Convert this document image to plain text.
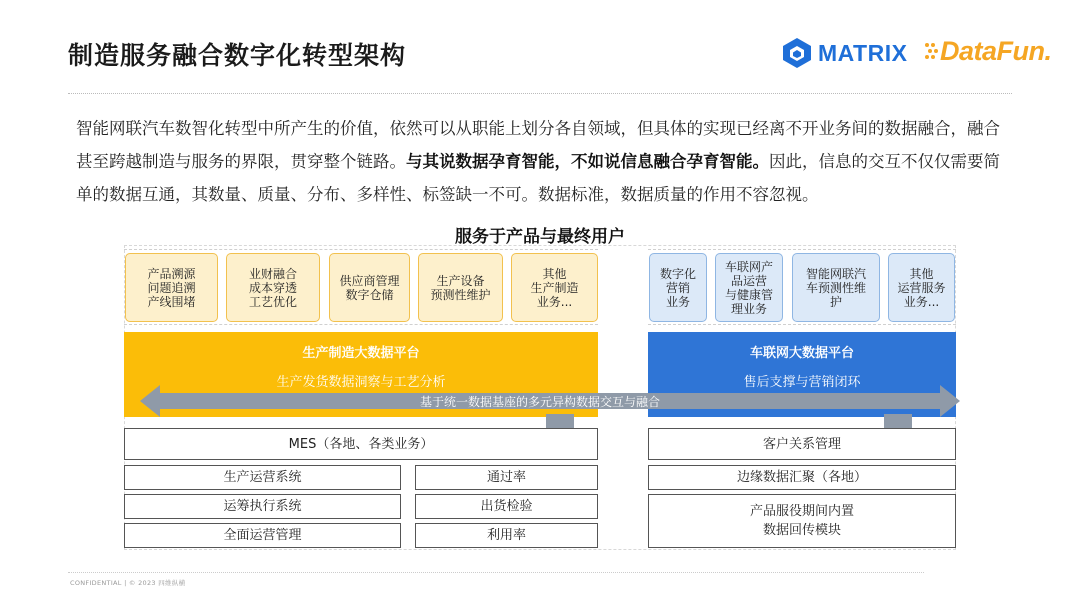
制造服务融合数字化转型架构	MATRIX DataFun.
智能网联汽车数智化转型中所产生的价值，依然可以从职能上划分各自领域，但具体的实现已经离不开业务间的数据融合，融合甚至跨越制造与服务的界限，贯穿整个链路。与其说数据孕育智能，不如说信息融合孕育智能。因此，信息的交互不仅仅需要简单的数据互通，其数量、质量、分布、多样性、标签缺一不可。数据标准，数据质量的作用不容忽视。
服务于产品与最终用户
产品溯源
问题追溯
产线围堵
业财融合
成本穿透
工艺优化
供应商管理
数字仓储
生产设备
预测性维护
其他
生产制造
业务...
数字化
营销
业务
车联网产
品运营
与健康管
理业务
智能网联汽
车预测性维
护
其他
运营服务
业务...
生产制造大数据平台
生产发货数据洞察与工艺分析
车联网大数据平台
售后支撑与营销闭环
基于统一数据基座的多元异构数据交互与融合
MES（各地、各类业务）
生产运营系统
运筹执行系统
全面运营管理
通过率
出货检验
利用率
客户关系管理
边缘数据汇聚（各地）
产品服役期间内置
数据回传模块
CONFIDENTIAL | © 2023 四维纵横
